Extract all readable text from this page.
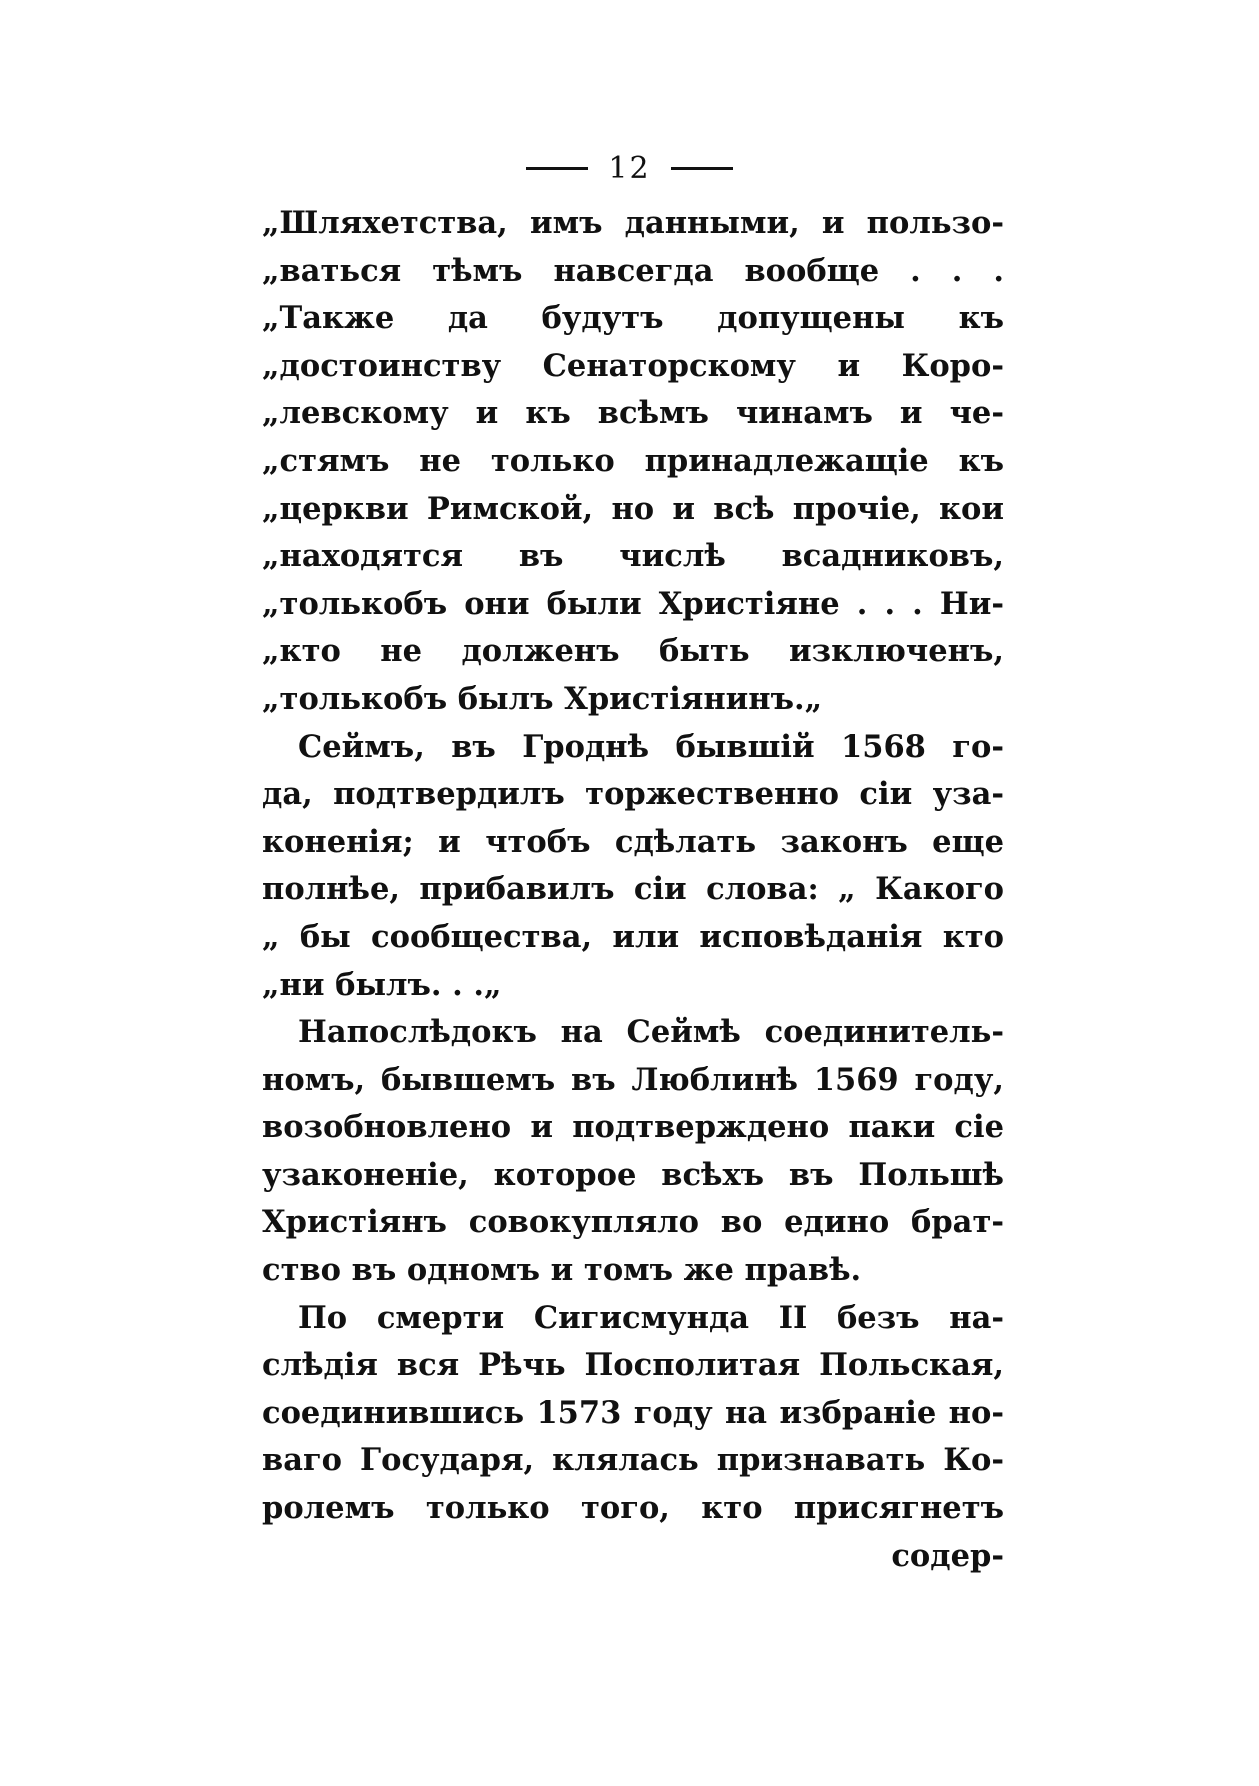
12
„Шляхетства, имъ данными, и пользо-
„ваться тѣмъ навсегда вообще . . .
„Также да будутъ допущены къ
„достоинству Сенаторскому и Коро-
„левскому и къ всѣмъ чинамъ и че-
„стямъ не только принадлежащіе къ
„церкви Римской, но и всѣ прочіе, кои
„находятся въ числѣ всадниковъ,
„толькобъ они были Христіяне . . . Ни-
„кто не долженъ быть изключенъ,
„толькобъ былъ Христіянинъ.„
Сеймъ, въ Гроднѣ бывшій 1568 го-
да, подтвердилъ торжественно сіи узa-
коненія; и чтобъ сдѣлать законъ еще
полнѣе, прибавилъ сіи слова: „ Какого
„ бы сообщества, или исповѣданія кто
„ни былъ. . .„
Напослѣдокъ на Сеймѣ соединитель-
номъ, бывшемъ въ Люблинѣ 1569 году,
возобновлено и подтверждено паки сіе
узаконеніе, которое всѣхъ въ Польшѣ
Христіянъ совокупляло во едино брат-
ство въ одномъ и томъ же правѣ.
По смерти Сигисмунда II безъ на-
слѣдія вся Рѣчь Посполитая Польская,
соединившись 1573 году на избраніе но-
ваго Государя, клялась признавать Ко-
ролемъ только того, кто присягнетъ
содер-
